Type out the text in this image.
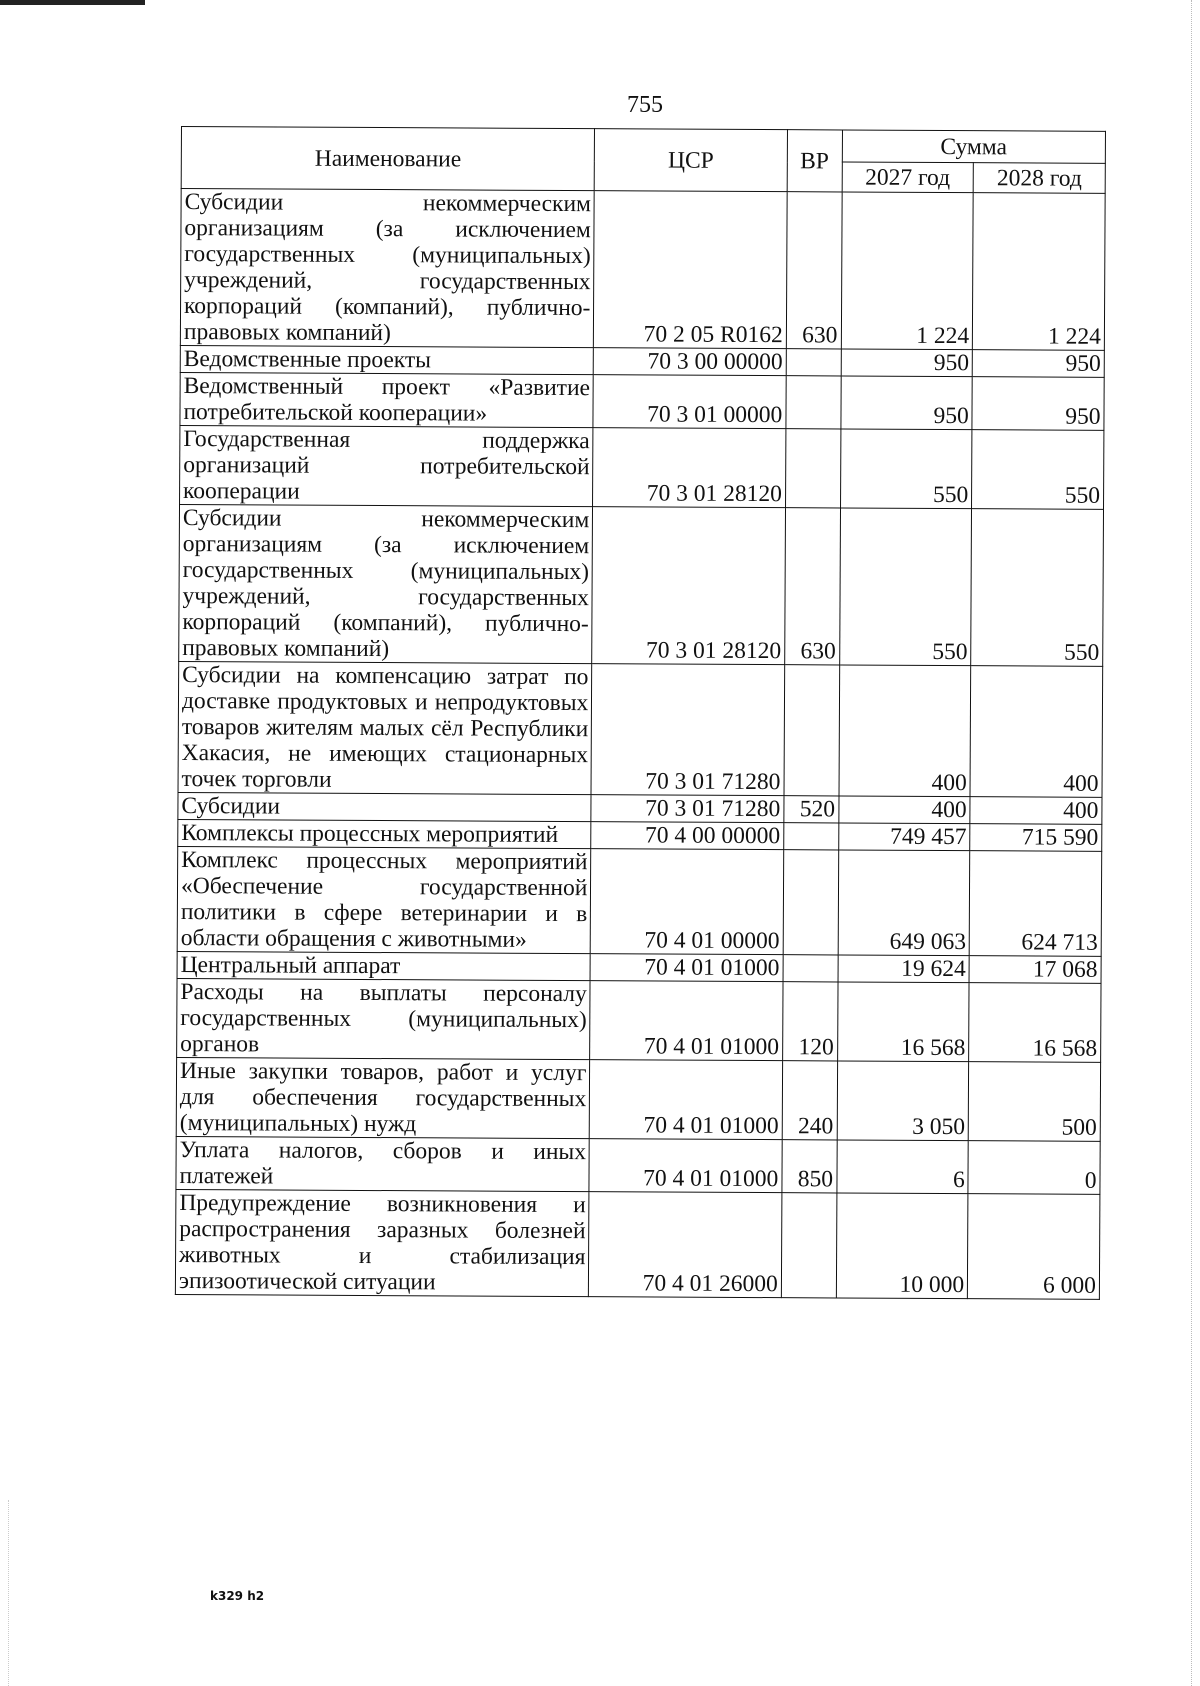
755
Наименование	ЦСР	ВР	Сумма	
			2027 год	2028 год
Субсидии некоммерческим организациям (за исключением государственных (муниципальных) учреждений, государственных корпораций (компаний), публично-правовых компаний)	70 2 05 R0162	630	1 224	1 224
Ведомственные проекты	70 3 00 00000		950	950
Ведомственный проект «Развитие потребительской кооперации»	70 3 01 00000		950	950
Государственная поддержка организаций потребительской кооперации	70 3 01 28120		550	550
Субсидии некоммерческим организациям (за исключением государственных (муниципальных) учреждений, государственных корпораций (компаний), публично-правовых компаний)	70 3 01 28120	630	550	550
Субсидии на компенсацию затрат по доставке продуктовых и непродуктовых товаров жителям малых сёл Республики Хакасия, не имеющих стационарных точек торговли	70 3 01 71280		400	400
Субсидии	70 3 01 71280	520	400	400
Комплексы процессных мероприятий	70 4 00 00000		749 457	715 590
Комплекс процессных мероприятий «Обеспечение государственной политики в сфере ветеринарии и в области обращения с животными»	70 4 01 00000		649 063	624 713
Центральный аппарат	70 4 01 01000		19 624	17 068
Расходы на выплаты персоналу государственных (муниципальных) органов	70 4 01 01000	120	16 568	16 568
Иные закупки товаров, работ и услуг для обеспечения государственных (муниципальных) нужд	70 4 01 01000	240	3 050	500
Уплата налогов, сборов и иных платежей	70 4 01 01000	850	6	0
Предупреждение возникновения и распространения заразных болезней животных и стабилизация эпизоотической ситуации	70 4 01 26000		10 000	6 000
k329 h2
